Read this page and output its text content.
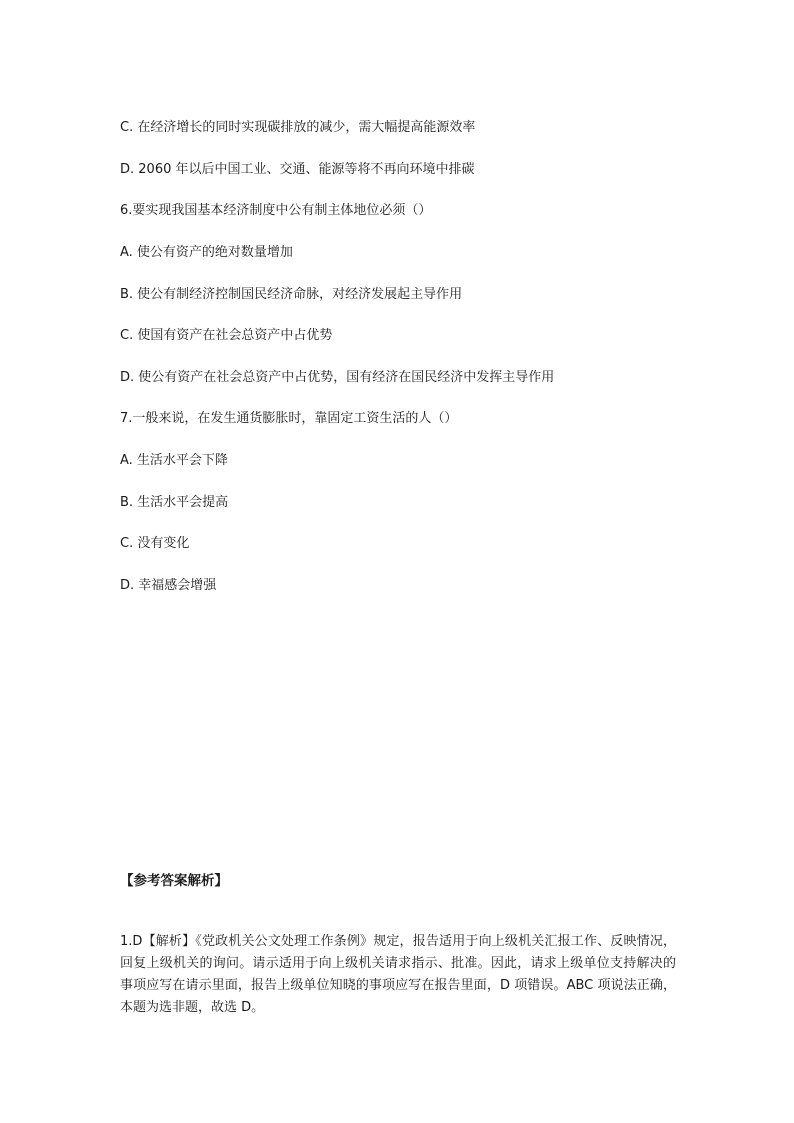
C. 在经济增长的同时实现碳排放的减少，需大幅提高能源效率
D. 2060 年以后中国工业、交通、能源等将不再向环境中排碳
6.要实现我国基本经济制度中公有制主体地位必须（）
A. 使公有资产的绝对数量增加
B. 使公有制经济控制国民经济命脉，对经济发展起主导作用
C. 使国有资产在社会总资产中占优势
D. 使公有资产在社会总资产中占优势，国有经济在国民经济中发挥主导作用
7.一般来说，在发生通货膨胀时，靠固定工资生活的人（）
A. 生活水平会下降
B. 生活水平会提高
C. 没有变化
D. 幸福感会增强
【参考答案解析】
1.D【解析】《党政机关公文处理工作条例》规定，报告适用于向上级机关汇报工作、反映情况，回复上级机关的询问。请示适用于向上级机关请求指示、批准。因此，请求上级单位支持解决的事项应写在请示里面，报告上级单位知晓的事项应写在报告里面，D 项错误。ABC 项说法正确，本题为选非题，故选 D。
